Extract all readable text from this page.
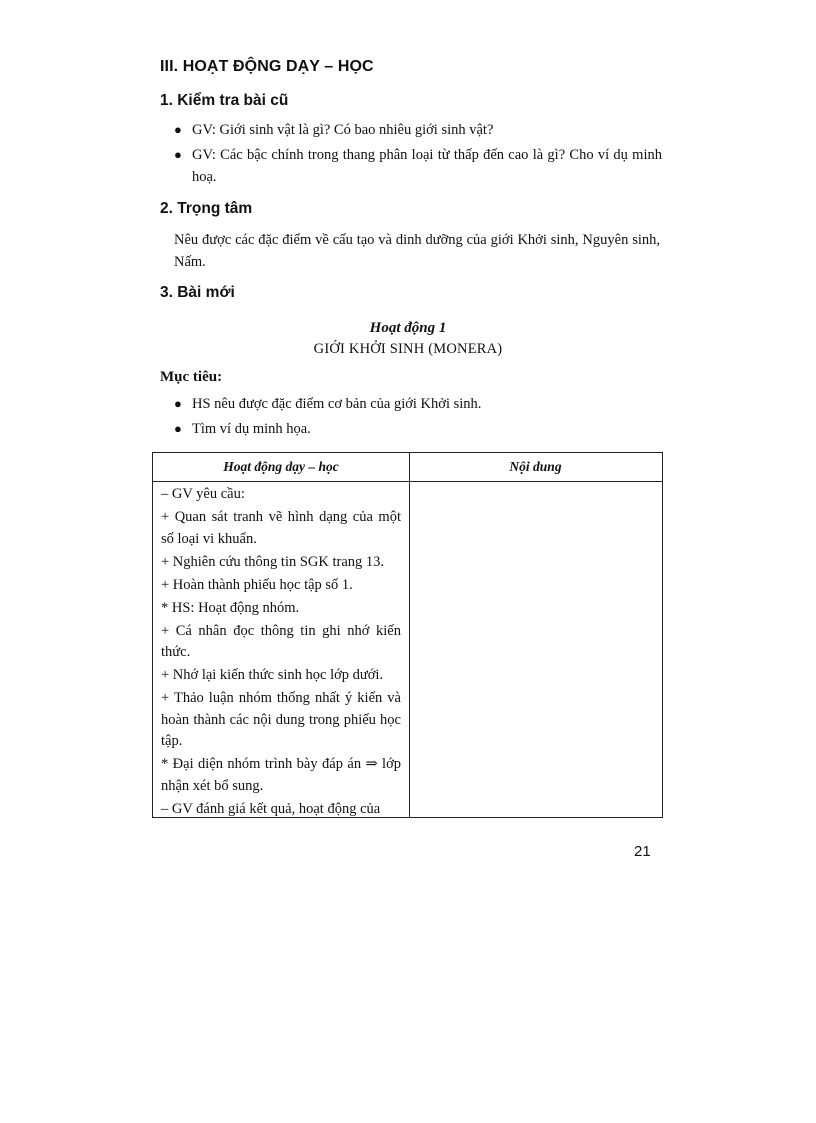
III. HOẠT ĐỘNG DẠY – HỌC
1. Kiểm tra bài cũ
● GV: Giới sinh vật là gì? Có bao nhiêu giới sinh vật?
● GV: Các bậc chính trong thang phân loại từ thấp đến cao là gì? Cho ví dụ minh hoạ.
2. Trọng tâm
Nêu được các đặc điểm về cấu tạo và dinh dưỡng của giới Khởi sinh, Nguyên sinh, Nấm.
3. Bài mới
Hoạt động 1
GIỚI KHỞI SINH (MONERA)
Mục tiêu:
● HS nêu được đặc điểm cơ bản của giới Khởi sinh.
● Tìm ví dụ minh họa.
Hoạt động dạy – học	Nội dung
– GV yêu cầu:
+ Quan sát tranh vẽ hình dạng của một số loại vi khuẩn.
+ Nghiên cứu thông tin SGK trang 13.
+ Hoàn thành phiếu học tập số 1.
* HS: Hoạt động nhóm.
+ Cá nhân đọc thông tin ghi nhớ kiến thức.
+ Nhớ lại kiến thức sinh học lớp dưới.
+ Thảo luận nhóm thống nhất ý kiến và hoàn thành các nội dung trong phiếu học tập.
* Đại diện nhóm trình bày đáp án ⇒ lớp nhận xét bổ sung.
– GV đánh giá kết quả, hoạt động của
21
